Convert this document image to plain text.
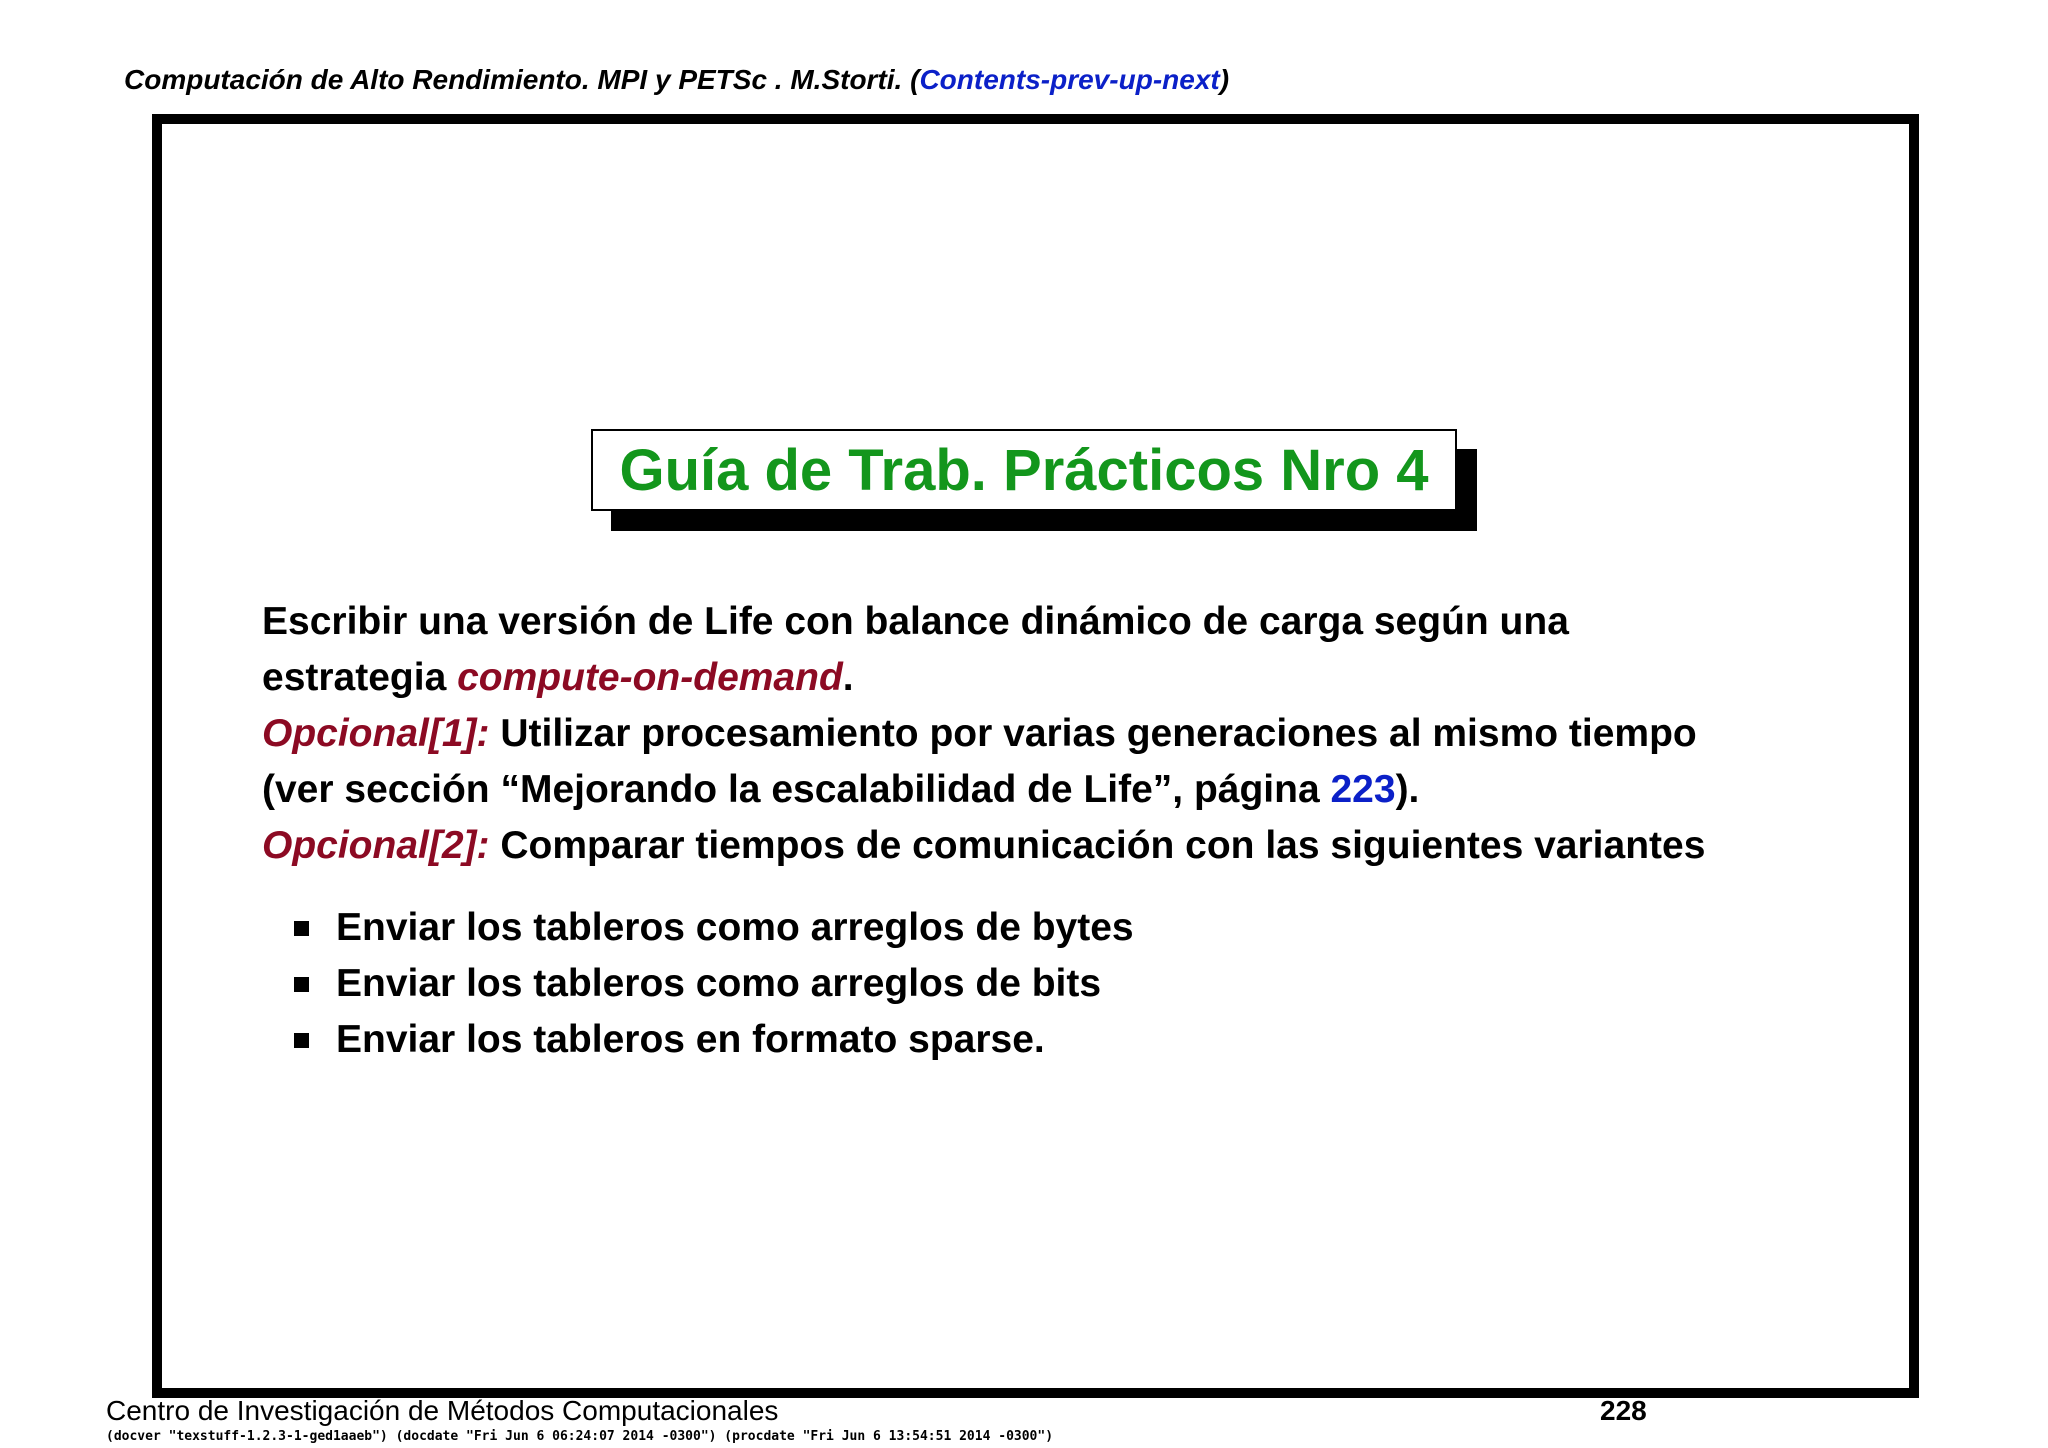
Computación de Alto Rendimiento. MPI y PETSc . M.Storti. (Contents-prev-up-next)
Guía de Trab. Prácticos Nro 4

Escribir una versión de Life con balance dinámico de carga según una

estrategia compute-on-demand.

Opcional[1]: Utilizar procesamiento por varias generaciones al mismo tiempo

(ver sección “Mejorando la escalabilidad de Life”, página 223).

Opcional[2]: Comparar tiempos de comunicación con las siguientes variantes

Enviar los tableros como arreglos de bytes
Enviar los tableros como arreglos de bits
Enviar los tableros en formato sparse.
Centro de Investigación de Métodos Computacionales	228
(docver "texstuff-1.2.3-1-ged1aaeb") (docdate "Fri Jun 6 06:24:07 2014 -0300") (procdate "Fri Jun 6 13:54:51 2014 -0300")
